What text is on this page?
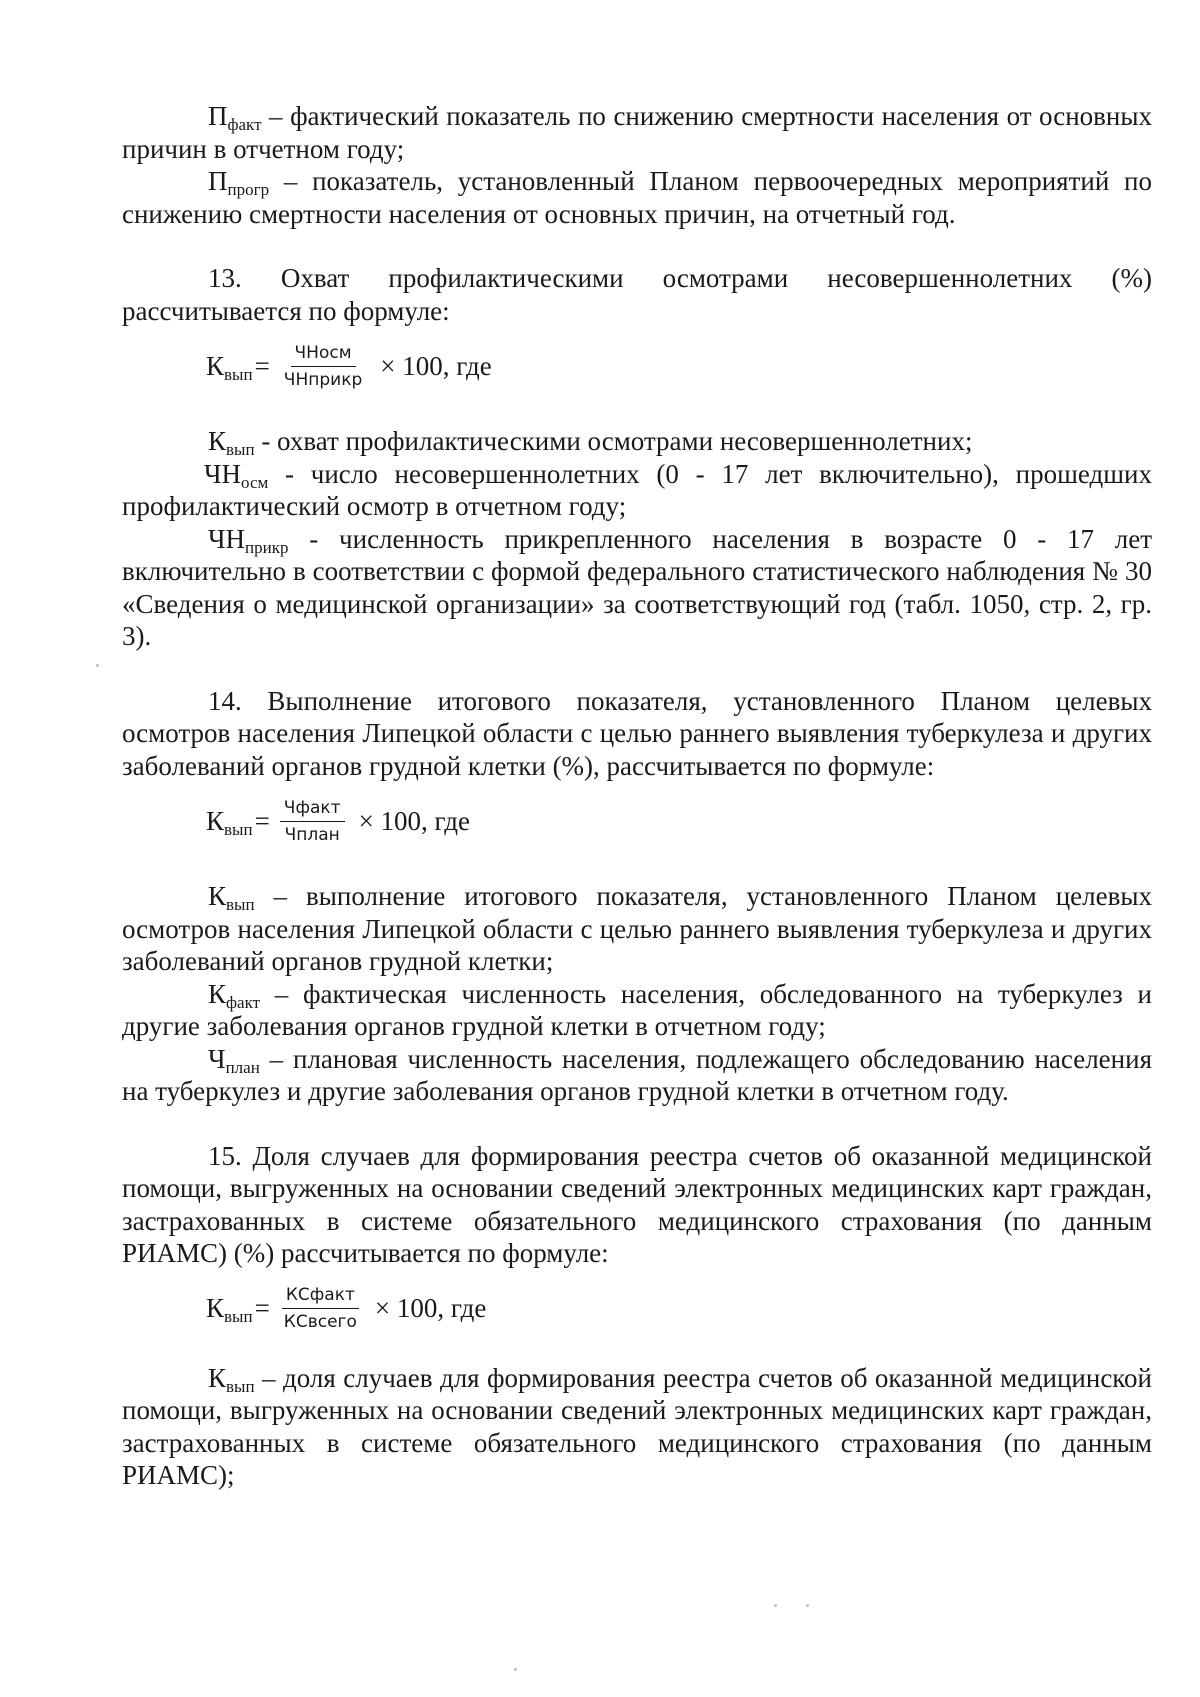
$П_{факт}$ – фактический показатель по снижению смертности населения от основных причин в отчетном году;

$П_{прогр}$ – показатель, установленный Планом первоочередных мероприятий по снижению смертности населения от основных причин, на отчетный год.

13. Охват профилактическими осмотрами несовершеннолетних (%) рассчитывается по формуле:

$К_{вып} = \frac{\text{ЧНосм}}{\text{ЧНприкр}} \times 100$, где

$К_{вып}$ - охват профилактическими осмотрами несовершеннолетних;

$ЧН_{осм}$ - число несовершеннолетних (0 - 17 лет включительно), прошедших профилактический осмотр в отчетном году;

$ЧН_{прикр}$ - численность прикрепленного населения в возрасте 0 - 17 лет включительно в соответствии с формой федерального статистического наблюдения № 30 «Сведения о медицинской организации» за соответствующий год (табл. 1050, стр. 2, гр. 3).

14. Выполнение итогового показателя, установленного Планом целевых осмотров населения Липецкой области с целью раннего выявления туберкулеза и других заболеваний органов грудной клетки (%), рассчитывается по формуле:

$К_{вып} = \frac{\text{Чфакт}}{\text{Чплан}} \times 100$, где

$К_{вып}$ – выполнение итогового показателя, установленного Планом целевых осмотров населения Липецкой области с целью раннего выявления туберкулеза и других заболеваний органов грудной клетки;

$К_{факт}$ – фактическая численность населения, обследованного на туберкулез и другие заболевания органов грудной клетки в отчетном году;

$Ч_{план}$ – плановая численность населения, подлежащего обследованию населения на туберкулез и другие заболевания органов грудной клетки в отчетном году.

15. Доля случаев для формирования реестра счетов об оказанной медицинской помощи, выгруженных на основании сведений электронных медицинских карт граждан, застрахованных в системе обязательного медицинского страхования (по данным РИАМС) (%) рассчитывается по формуле:

$К_{вып} = \frac{\text{КСфакт}}{\text{КСвсего}} \times 100$, где

$К_{вып}$ – доля случаев для формирования реестра счетов об оказанной медицинской помощи, выгруженных на основании сведений электронных медицинских карт граждан, застрахованных в системе обязательного медицинского страхования (по данным РИАМС);
